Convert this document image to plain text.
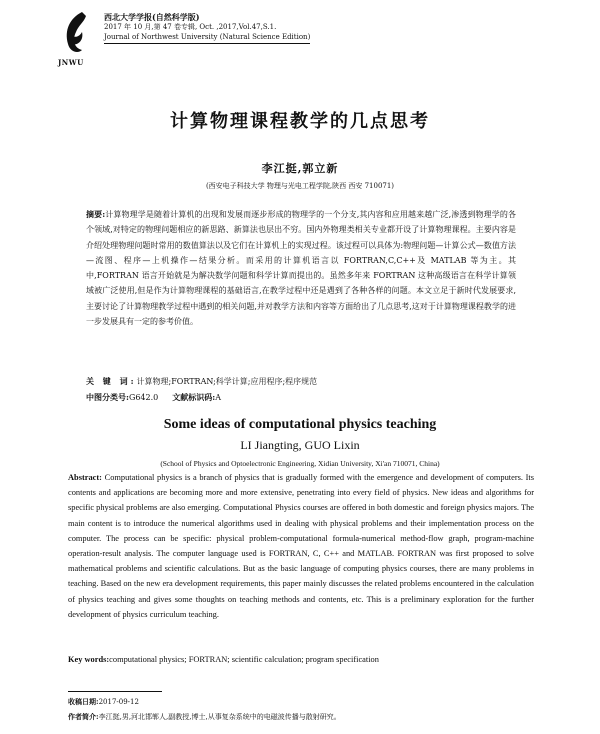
JNWU
西北大学学报(自然科学版)
2017 年 10 月,第 47 卷专辑, Oct. ,2017,Vol.47,S.1.
Journal of Northwest University (Natural Science Edition)
计算物理课程教学的几点思考
李江挺,郭立新
(西安电子科技大学 物理与光电工程学院,陕西 西安 710071)
摘要:计算物理学是随着计算机的出现和发展而逐步形成的物理学的一个分支,其内容和应用越来越广泛,渗透到物理学的各个领域,对特定的物理问题相应的新思路、新算法也层出不穷。国内外物理类相关专业都开设了计算物理课程。主要内容是介绍处理物理问题时常用的数值算法以及它们在计算机上的实现过程。该过程可以具体为:物理问题—计算公式—数值方法—流图、程序—上机操作—结果分析。而采用的计算机语言以 FORTRAN,C,C++及 MATLAB 等为主。其中,FORTRAN 语言开始就是为解决数学问题和科学计算而提出的。虽然多年来 FORTRAN 这种高级语言在科学计算领域被广泛使用,但是作为计算物理课程的基础语言,在教学过程中还是遇到了各种各样的问题。本文立足于新时代发展要求,主要讨论了计算物理教学过程中遇到的相关问题,并对教学方法和内容等方面给出了几点思考,这对于计算物理课程教学的进一步发展具有一定的参考价值。
关 键 词:计算物理;FORTRAN;科学计算;应用程序;程序规范
中图分类号:G642.0 文献标识码:A
Some ideas of computational physics teaching
LI Jiangting, GUO Lixin
(School of Physics and Optoelectronic Engineering, Xidian University, Xi'an 710071, China)
Abstract: Computational physics is a branch of physics that is gradually formed with the emergence and development of computers. Its contents and applications are becoming more and more extensive, penetrating into every field of physics. New ideas and algorithms for specific physical problems are also emerging. Computational Physics courses are offered in both domestic and foreign physics majors. The main content is to introduce the numerical algorithms used in dealing with physical problems and their implementation process on the computer. The process can be specific: physical problem-computational formula-numerical method-flow graph, program-machine operation-result analysis. The computer language used is FORTRAN, C, C++ and MATLAB. FORTRAN was first proposed to solve mathematical problems and scientific calculations. But as the basic language of computing physics courses, there are many problems in teaching. Based on the new era development requirements, this paper mainly discusses the related problems encountered in the calculation of physics teaching and gives some thoughts on teaching methods and contents, etc. This is a preliminary exploration for the further development of physics curriculum teaching.
Key words:computational physics; FORTRAN; scientific calculation; program specification
收稿日期:2017-09-12
作者简介:李江挺,男,河北邯郸人,副教授,博士,从事复杂系统中的电磁波传播与散射研究。
